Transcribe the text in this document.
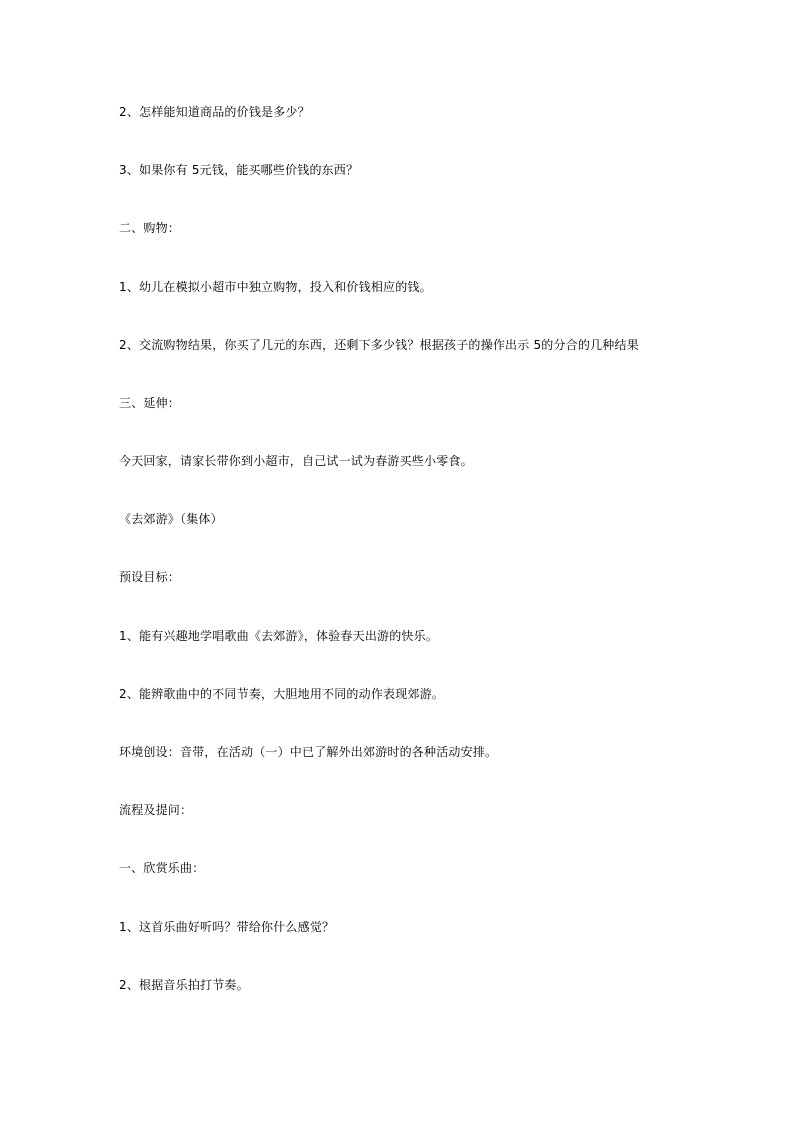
2、怎样能知道商品的价钱是多少？
3、如果你有 5元钱，能买哪些价钱的东西？
二、购物：
1、幼儿在模拟小超市中独立购物，投入和价钱相应的钱。
2、交流购物结果，你买了几元的东西，还剩下多少钱？根据孩子的操作出示 5的分合的几种结果
三、延伸：
今天回家，请家长带你到小超市，自己试一试为春游买些小零食。
《去郊游》（集体）
预设目标：
1、能有兴趣地学唱歌曲《去郊游》，体验春天出游的快乐。
2、能辨歌曲中的不同节奏，大胆地用不同的动作表现郊游。
环境创设：音带，在活动（一）中已了解外出郊游时的各种活动安排。
流程及提问：
一、欣赏乐曲：
1、这首乐曲好听吗？带给你什么感觉？
2、根据音乐拍打节奏。
